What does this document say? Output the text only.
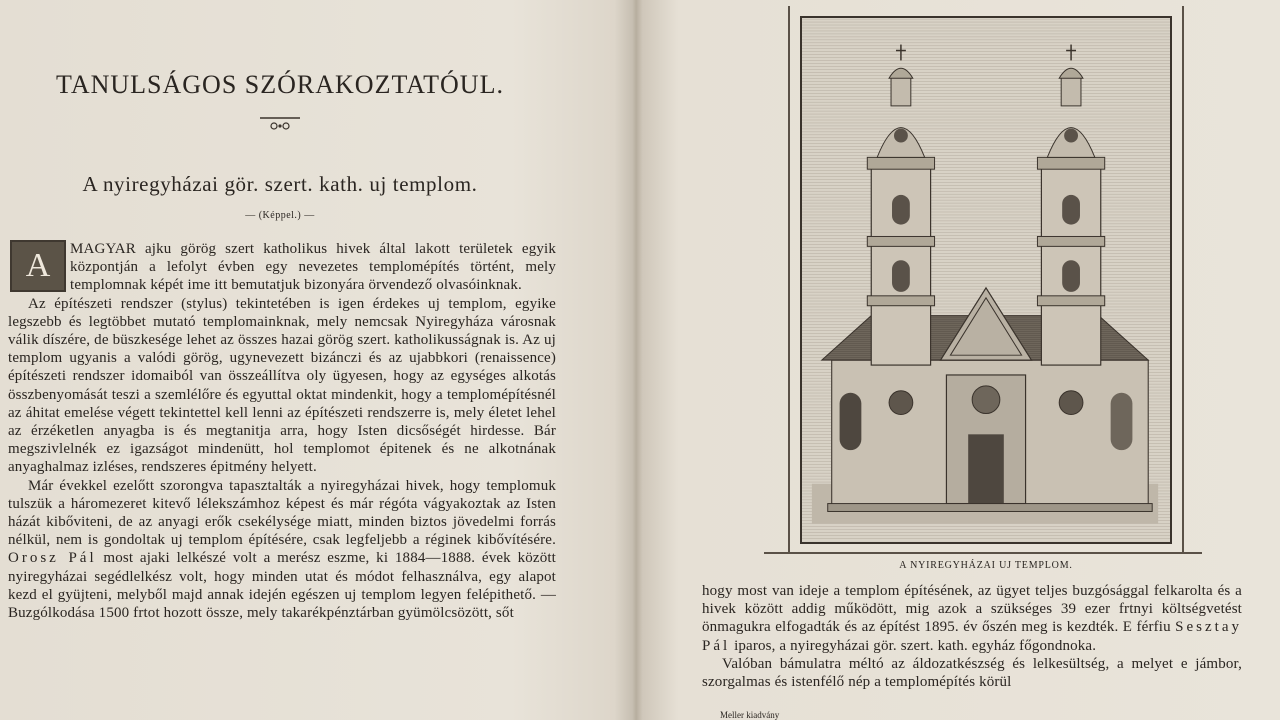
TANULSÁGOS SZÓRAKOZTATÓUL.
A nyiregyházai gör. szert. kath. uj templom.
— (Képpel.) —
A	MAGYAR ajku görög szert katholikus hivek által lakott területek egyik központján a lefolyt évben egy nevezetes templomépítés történt, mely templomnak képét ime itt bemutatjuk bizonyára örvendező olvasóinknak.

Az építészeti rendszer (stylus) tekintetében is igen érdekes uj templom, egyike legszebb és legtöbbet mutató templomainknak, mely nemcsak Nyiregyháza városnak válik díszére, de büszkesége lehet az összes hazai görög szert. katholikusságnak is. Az uj templom ugyanis a valódi görög, ugynevezett bizánczi és az ujabbkori (renaissence) építészeti rendszer idomaiból van összeállítva oly ügyesen, hogy az egységes alkotás összbenyomását teszi a szemlélőre és egyuttal oktat mindenkit, hogy a templomépítésnél az áhitat emelése végett tekintettel kell lenni az építészeti rendszerre is, mely életet lehel az érzéketlen anyagba is és megtanitja arra, hogy Isten dicsőségét hirdesse. Bár megszivlelnék ez igazságot mindenütt, hol templomot épitenek és ne alkotnának anyaghalmaz izléses, rendszeres épitmény helyett.

Már évekkel ezelőtt szorongva tapasztalták a nyiregyházai hivek, hogy templomuk tulszük a háromezeret kitevő lélekszámhoz képest és már régóta vágyakoztak az Isten házát kibőviteni, de az anyagi erők csekélysége miatt, minden biztos jövedelmi forrás nélkül, nem is gondoltak uj templom építésére, csak legfeljebb a réginek kibővítésére. Orosz Pál most ajaki lelkészé volt a merész eszme, ki 1884—1888. évek között nyiregyházai segédlelkész volt, hogy minden utat és módot felhasználva, egy alapot kezd el gyüjteni, melyből majd annak idején egészen uj templom legyen felépithető. — Buzgólkodása 1500 frtot hozott össze, mely takarékpénztárban gyümölcsözött, sőt

A NYIREGYHÁZAI UJ TEMPLOM.

hogy most van ideje a templom építésének, az ügyet teljes buzgósággal felkarolta és a hivek között addig működött, mig azok a szükséges 39 ezer frtnyi költségvetést önmagukra elfogadták és az építést 1895. év őszén meg is kezdték. E férfiu Sesztay Pál iparos, a nyiregyházai gör. szert. kath. egyház főgondnoka.

Valóban bámulatra méltó az áldozatkészség és lelkesültség, a melyet e jámbor, szorgalmas és istenfélő nép a templomépítés körül

Meller kiadvány
